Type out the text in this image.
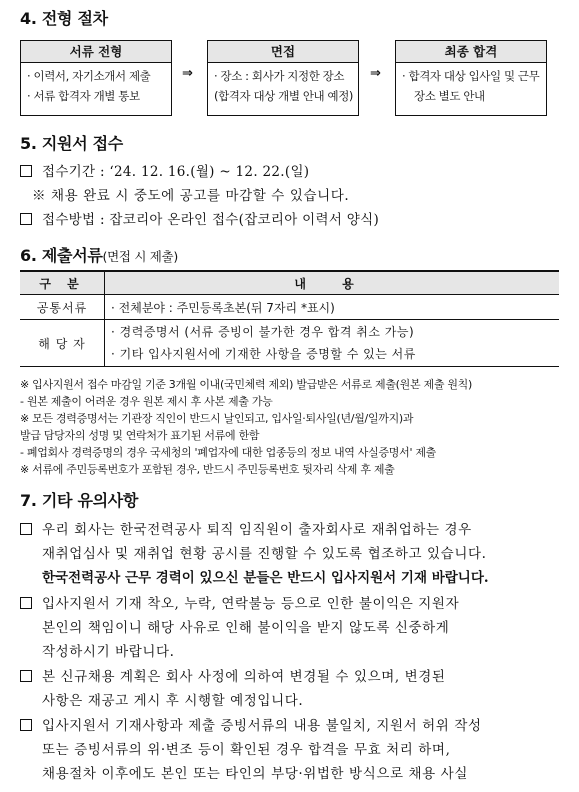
4. 전형 절차
서류 전형
· 이력서, 자기소개서 제출
· 서류 합격자 개별 통보
⇒
면접
· 장소 : 회사가 지정한 장소
(합격자 대상 개별 안내 예정)
⇒
최종 합격
· 합격자 대상 입사일 및 근무
장소 별도 안내
5. 지원서 접수
접수기간 : ‘24. 12. 16.(월) ~ 12. 22.(일)
※ 채용 완료 시 중도에 공고를 마감할 수 있습니다.
접수방법 : 잡코리아 온라인 접수(잡코리아 이력서 양식)
6. 제출서류(면접 시 제출)
구 분	내 용
공통서류	· 전체분야 : 주민등록초본(뒤 7자리 *표시)
해 당 자	· 경력증명서 (서류 증빙이 불가한 경우 합격 취소 가능)
· 기타 입사지원서에 기재한 사항을 증명할 수 있는 서류
※ 입사지원서 접수 마감일 기준 3개월 이내(국민체력 제외) 발급받은 서류로 제출(원본 제출 원칙)
- 원본 제출이 어려운 경우 원본 제시 후 사본 제출 가능
※ 모든 경력증명서는 기관장 직인이 반드시 날인되고, 입사일·퇴사일(년/월/일까지)과
발급 담당자의 성명 및 연락처가 표기된 서류에 한함
- 폐업회사 경력증명의 경우 국세청의 '폐업자에 대한 업종등의 정보 내역 사실증명서' 제출
※ 서류에 주민등록번호가 포함된 경우, 반드시 주민등록번호 뒷자리 삭제 후 제출
7. 기타 유의사항
우리 회사는 한국전력공사 퇴직 임직원이 출자회사로 재취업하는 경우
재취업심사 및 재취업 현황 공시를 진행할 수 있도록 협조하고 있습니다.
한국전력공사 근무 경력이 있으신 분들은 반드시 입사지원서 기재 바랍니다.
입사지원서 기재 착오, 누락, 연락불능 등으로 인한 불이익은 지원자
본인의 책임이니 해당 사유로 인해 불이익을 받지 않도록 신중하게
작성하시기 바랍니다.
본 신규채용 계획은 회사 사정에 의하여 변경될 수 있으며, 변경된
사항은 재공고 게시 후 시행할 예정입니다.
입사지원서 기재사항과 제출 증빙서류의 내용 불일치, 지원서 허위 작성
또는 증빙서류의 위·변조 등이 확인된 경우 합격을 무효 처리 하며,
채용절차 이후에도 본인 또는 타인의 부당·위법한 방식으로 채용 사실
